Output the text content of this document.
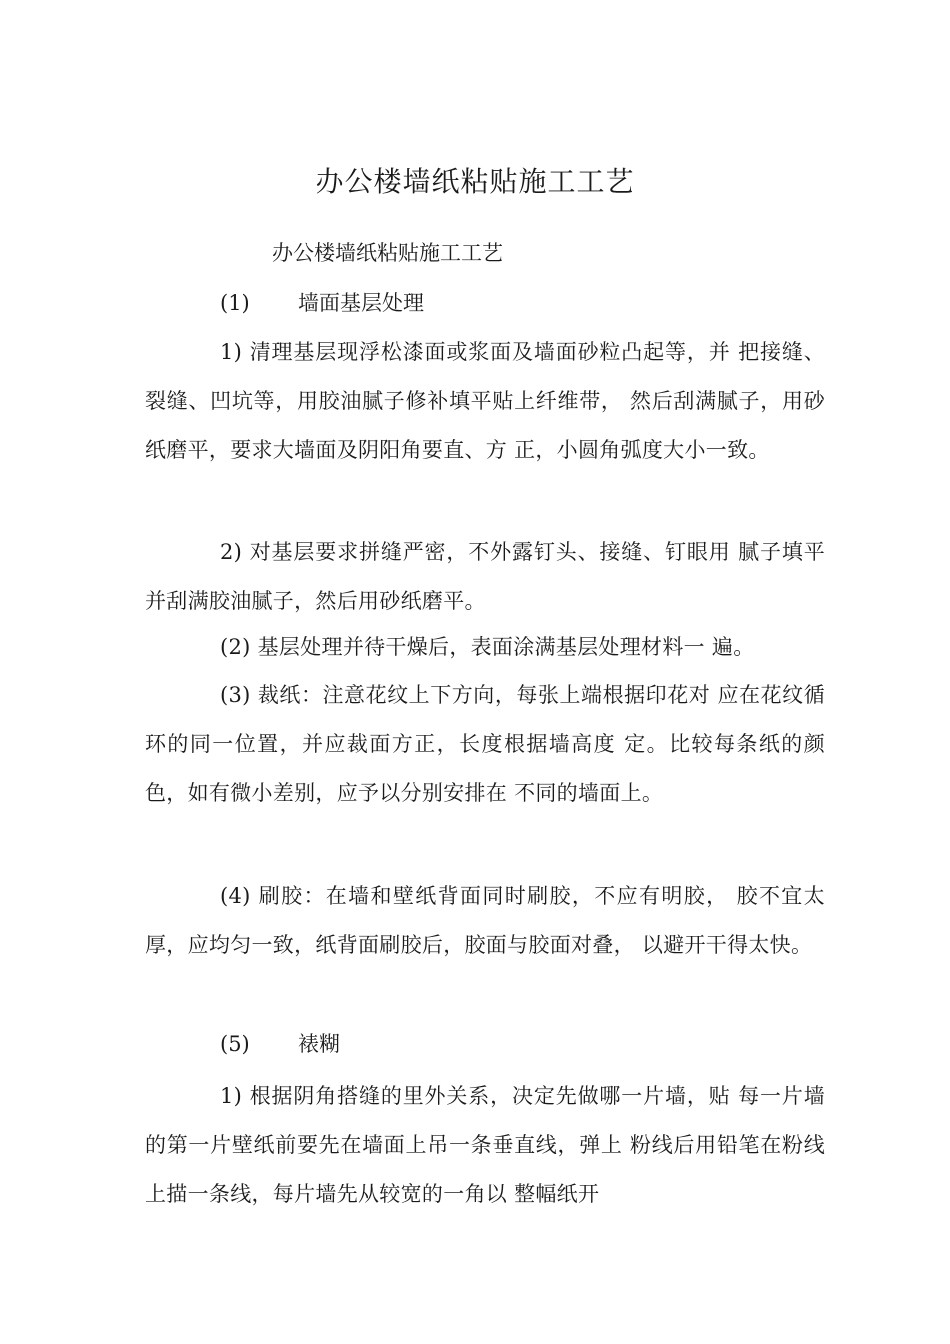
办公楼墙纸粘贴施工工艺
办公楼墙纸粘贴施工工艺
(1) 墙面基层处理

1) 清理基层现浮松漆面或浆面及墙面砂粒凸起等，并 把接缝、裂缝、凹坑等，用胶油腻子修补填平贴上纤维带， 然后刮满腻子，用砂纸磨平，要求大墙面及阴阳角要直、方 正，小圆角弧度大小一致。

2) 对基层要求拼缝严密，不外露钉头、接缝、钉眼用 腻子填平并刮满胶油腻子，然后用砂纸磨平。

(2) 基层处理并待干燥后，表面涂满基层处理材料一 遍。

(3) 裁纸：注意花纹上下方向，每张上端根据印花对 应在花纹循环的同一位置，并应裁面方正，长度根据墙高度 定。比较每条纸的颜色，如有微小差别，应予以分别安排在 不同的墙面上。

(4) 刷胶：在墙和壁纸背面同时刷胶，不应有明胶， 胶不宜太厚，应均匀一致，纸背面刷胶后，胶面与胶面对叠， 以避开干得太快。

(5) 裱糊

1) 根据阴角搭缝的里外关系，决定先做哪一片墙，贴 每一片墙的第一片壁纸前要先在墙面上吊一条垂直线，弹上 粉线后用铅笔在粉线上描一条线，每片墙先从较宽的一角以 整幅纸开
